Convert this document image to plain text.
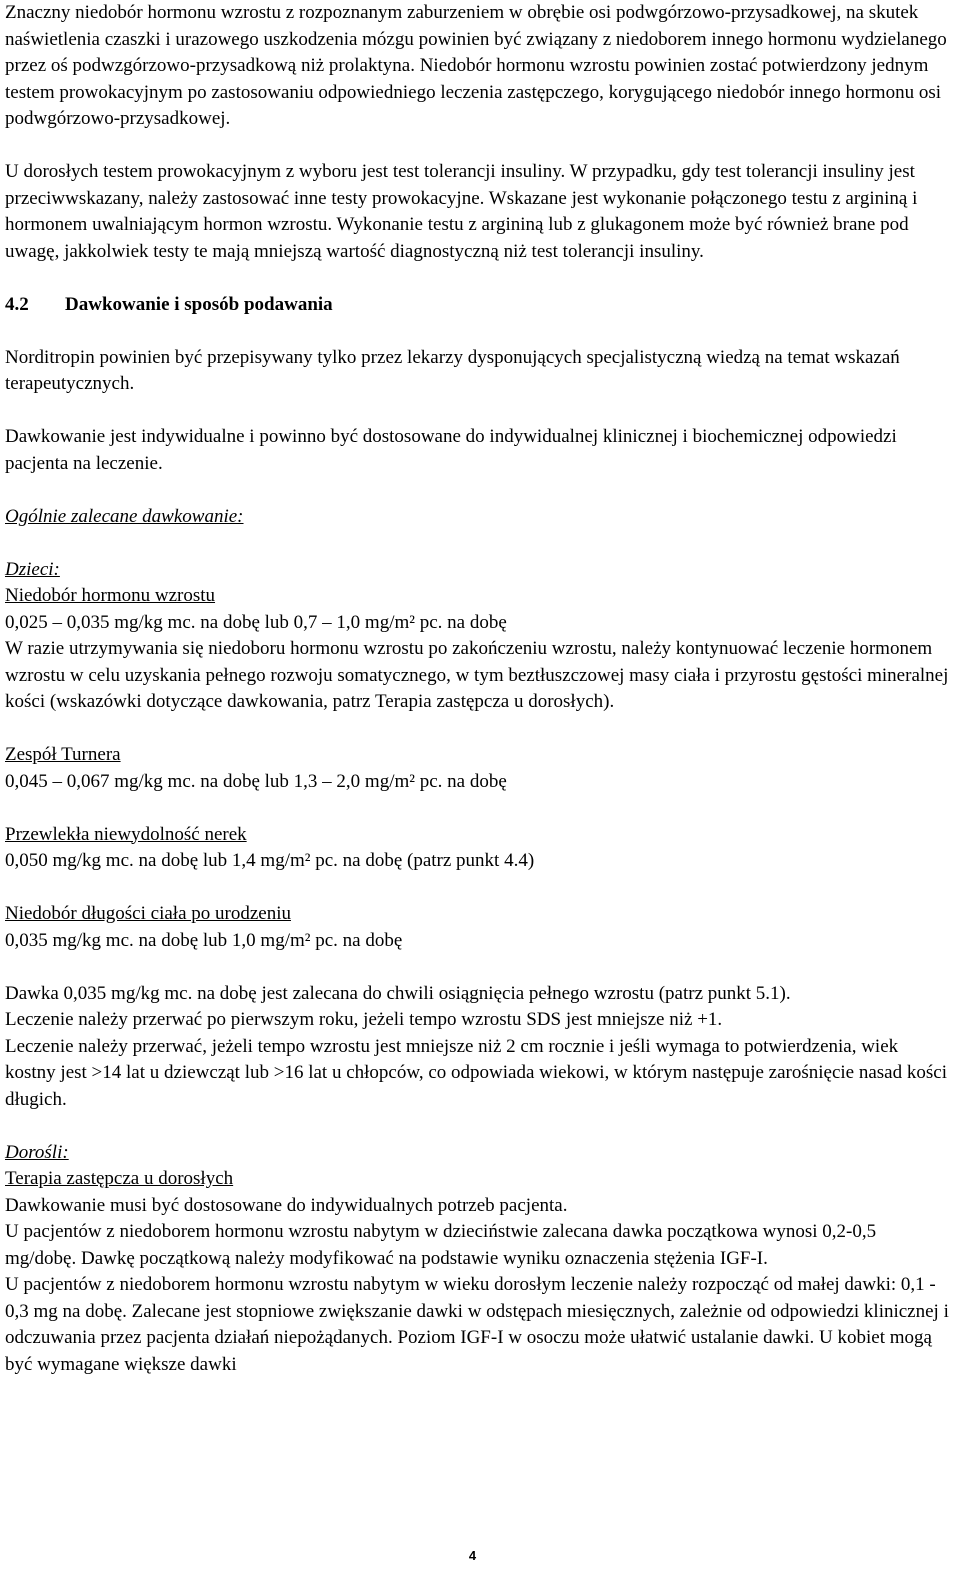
Znaczny niedobór hormonu wzrostu z rozpoznanym zaburzeniem w obrębie osi podwgórzowo-przysadkowej, na skutek naświetlenia czaszki i urazowego uszkodzenia mózgu powinien być związany z niedoborem innego hormonu wydzielanego przez oś podwzgórzowo-przysadkową niż prolaktyna. Niedobór hormonu wzrostu powinien zostać potwierdzony jednym testem prowokacyjnym po zastosowaniu odpowiedniego leczenia zastępczego, korygującego niedobór innego hormonu osi podwgórzowo-przysadkowej.

U dorosłych testem prowokacyjnym z wyboru jest test tolerancji insuliny. W przypadku, gdy test tolerancji insuliny jest przeciwwskazany, należy zastosować inne testy prowokacyjne. Wskazane jest wykonanie połączonego testu z argininą i hormonem uwalniającym hormon wzrostu. Wykonanie testu z argininą lub z glukagonem może być również brane pod uwagę, jakkolwiek testy te mają mniejszą wartość diagnostyczną niż test tolerancji insuliny.

4.2	Dawkowanie i sposób podawania

Norditropin powinien być przepisywany tylko przez lekarzy dysponujących specjalistyczną wiedzą na temat wskazań terapeutycznych.

Dawkowanie jest indywidualne i powinno być dostosowane do indywidualnej klinicznej i biochemicznej odpowiedzi pacjenta na leczenie.

Ogólnie zalecane dawkowanie:

Dzieci:

Niedobór hormonu wzrostu

0,025 – 0,035 mg/kg mc. na dobę lub 0,7 – 1,0 mg/m² pc. na dobę

W razie utrzymywania się niedoboru hormonu wzrostu po zakończeniu wzrostu, należy kontynuować leczenie hormonem wzrostu w celu uzyskania pełnego rozwoju somatycznego, w tym beztłuszczowej masy ciała i przyrostu gęstości mineralnej kości (wskazówki dotyczące dawkowania, patrz Terapia zastępcza u dorosłych).

Zespół Turnera

0,045 – 0,067 mg/kg mc. na dobę lub 1,3 – 2,0 mg/m² pc. na dobę

Przewlekła niewydolność nerek

0,050 mg/kg mc. na dobę lub 1,4 mg/m² pc. na dobę (patrz punkt 4.4)

Niedobór długości ciała po urodzeniu

0,035 mg/kg mc. na dobę lub 1,0 mg/m² pc. na dobę

Dawka 0,035 mg/kg mc. na dobę jest zalecana do chwili osiągnięcia pełnego wzrostu (patrz punkt 5.1).

Leczenie należy przerwać po pierwszym roku, jeżeli tempo wzrostu SDS jest mniejsze niż +1.

Leczenie należy przerwać, jeżeli tempo wzrostu jest mniejsze niż 2 cm rocznie i jeśli wymaga to potwierdzenia, wiek kostny jest >14 lat u dziewcząt lub >16 lat u chłopców, co odpowiada wiekowi, w którym następuje zarośnięcie nasad kości długich.

Dorośli:

Terapia zastępcza u dorosłych

Dawkowanie musi być dostosowane do indywidualnych potrzeb pacjenta.

U pacjentów z niedoborem hormonu wzrostu nabytym w dzieciństwie zalecana dawka początkowa wynosi 0,2-0,5 mg/dobę. Dawkę początkową należy modyfikować na podstawie wyniku oznaczenia stężenia IGF-I.

U pacjentów z niedoborem hormonu wzrostu nabytym w wieku dorosłym leczenie należy rozpocząć od małej dawki: 0,1 - 0,3 mg na dobę. Zalecane jest stopniowe zwiększanie dawki w odstępach miesięcznych, zależnie od odpowiedzi klinicznej i odczuwania przez pacjenta działań niepożądanych. Poziom IGF-I w osoczu może ułatwić ustalanie dawki. U kobiet mogą być wymagane większe dawki

4
